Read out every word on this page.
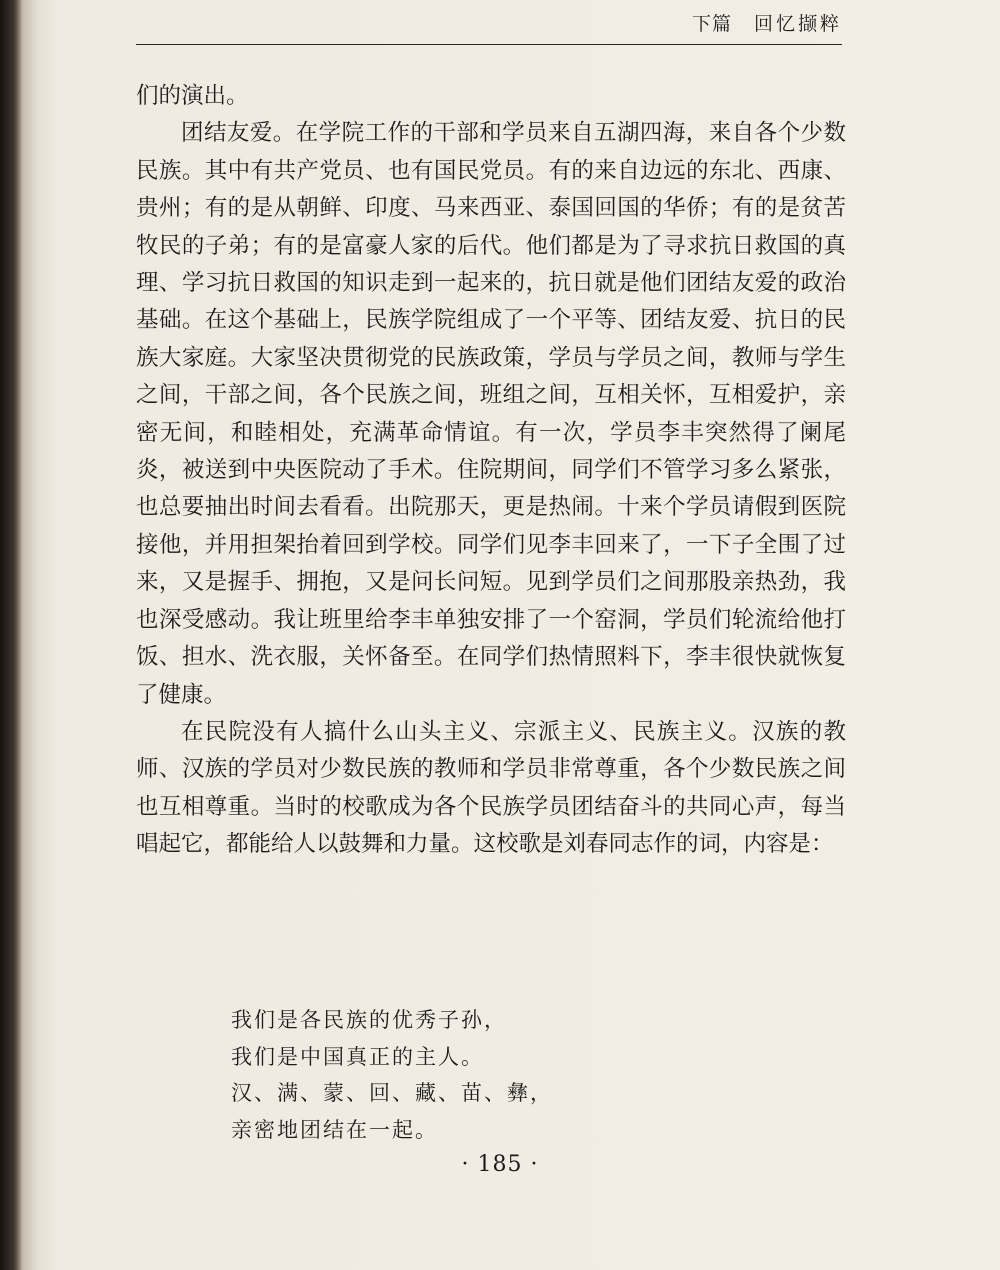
下篇 回忆撷粹

们的演出。

团结友爱。在学院工作的干部和学员来自五湖四海，来自各个少数民族。其中有共产党员、也有国民党员。有的来自边远的东北、西康、贵州；有的是从朝鲜、印度、马来西亚、泰国回国的华侨；有的是贫苦牧民的子弟；有的是富豪人家的后代。他们都是为了寻求抗日救国的真理、学习抗日救国的知识走到一起来的，抗日就是他们团结友爱的政治基础。在这个基础上，民族学院组成了一个平等、团结友爱、抗日的民族大家庭。大家坚决贯彻党的民族政策，学员与学员之间，教师与学生之间，干部之间，各个民族之间，班组之间，互相关怀，互相爱护，亲密无间，和睦相处，充满革命情谊。有一次，学员李丰突然得了阑尾炎，被送到中央医院动了手术。住院期间，同学们不管学习多么紧张，也总要抽出时间去看看。出院那天，更是热闹。十来个学员请假到医院接他，并用担架抬着回到学校。同学们见李丰回来了，一下子全围了过来，又是握手、拥抱，又是问长问短。见到学员们之间那股亲热劲，我也深受感动。我让班里给李丰单独安排了一个窑洞，学员们轮流给他打饭、担水、洗衣服，关怀备至。在同学们热情照料下，李丰很快就恢复了健康。

在民院没有人搞什么山头主义、宗派主义、民族主义。汉族的教师、汉族的学员对少数民族的教师和学员非常尊重，各个少数民族之间也互相尊重。当时的校歌成为各个民族学员团结奋斗的共同心声，每当唱起它，都能给人以鼓舞和力量。这校歌是刘春同志作的词，内容是：

我们是各民族的优秀子孙，
我们是中国真正的主人。
汉、满、蒙、回、藏、苗、彝，
亲密地团结在一起。
· 185 ·
